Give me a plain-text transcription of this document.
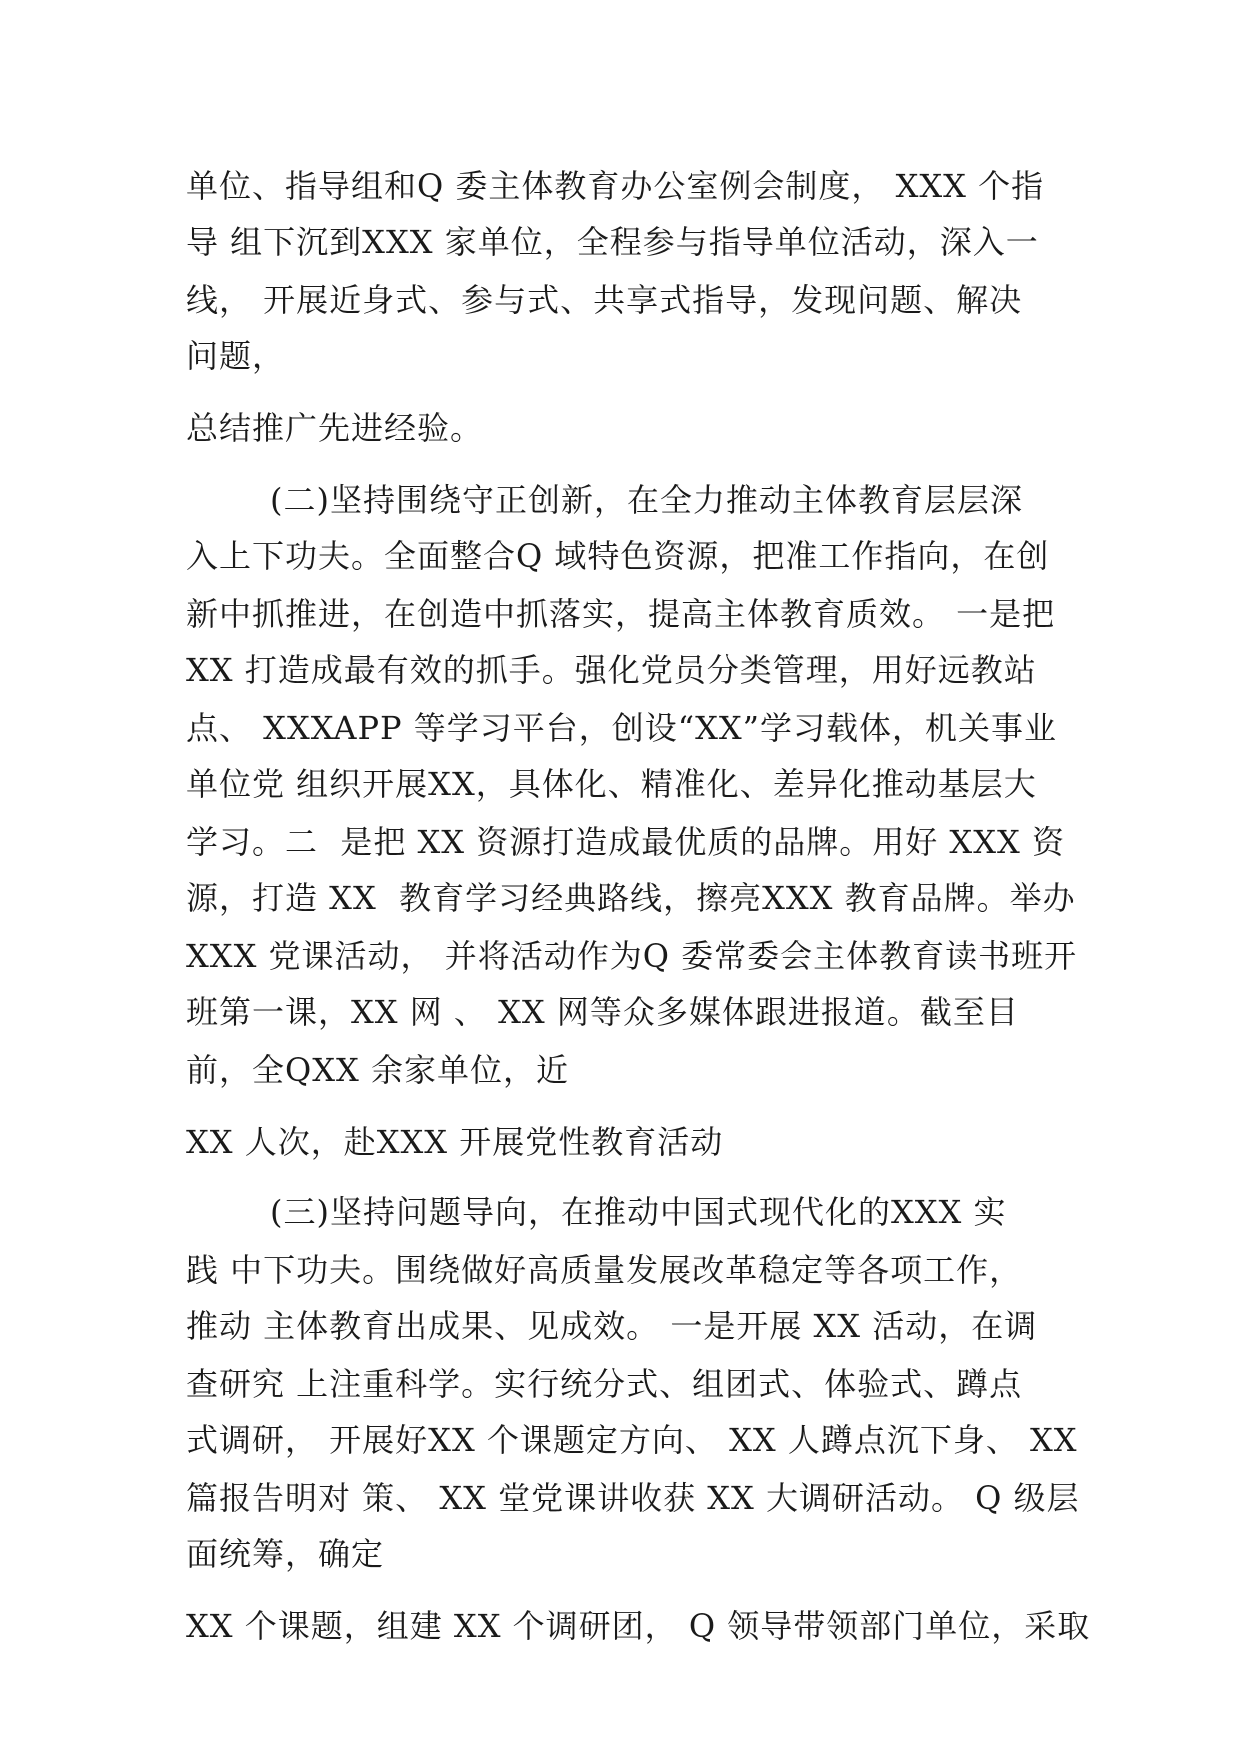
单位、指导组和Q 委主体教育办公室例会制度， XXX 个指
导 组下沉到XXX 家单位，全程参与指导单位活动，深入一
线， 开展近身式、参与式、共享式指导，发现问题、解决
问题，
总结推广先进经验。
(二)坚持围绕守正创新，在全力推动主体教育层层深
入上下功夫。全面整合Q 域特色资源，把准工作指向，在创
新中抓推进，在创造中抓落实，提高主体教育质效。 一是把
XX 打造成最有效的抓手。强化党员分类管理，用好远教站
点、 XXXAPP 等学习平台，创设“XX”学习载体，机关事业
单位党 组织开展XX，具体化、精准化、差异化推动基层大
学习。二  是把 XX 资源打造成最优质的品牌。用好 XXX 资
源，打造 XX  教育学习经典路线，擦亮XXX 教育品牌。举办
XXX 党课活动， 并将活动作为Q 委常委会主体教育读书班开
班第一课，XX 网 、 XX 网等众多媒体跟进报道。截至目
前，全QXX 余家单位，近
XX 人次，赴XXX 开展党性教育活动
(三)坚持问题导向，在推动中国式现代化的XXX 实
践 中下功夫。围绕做好高质量发展改革稳定等各项工作，
推动 主体教育出成果、见成效。 一是开展 XX 活动，在调
查研究 上注重科学。实行统分式、组团式、体验式、蹲点
式调研， 开展好XX 个课题定方向、 XX 人蹲点沉下身、 XX
篇报告明对 策、 XX 堂党课讲收获 XX 大调研活动。 Q 级层
面统筹，确定
XX 个课题，组建 XX 个调研团， Q 领导带领部门单位，采取
